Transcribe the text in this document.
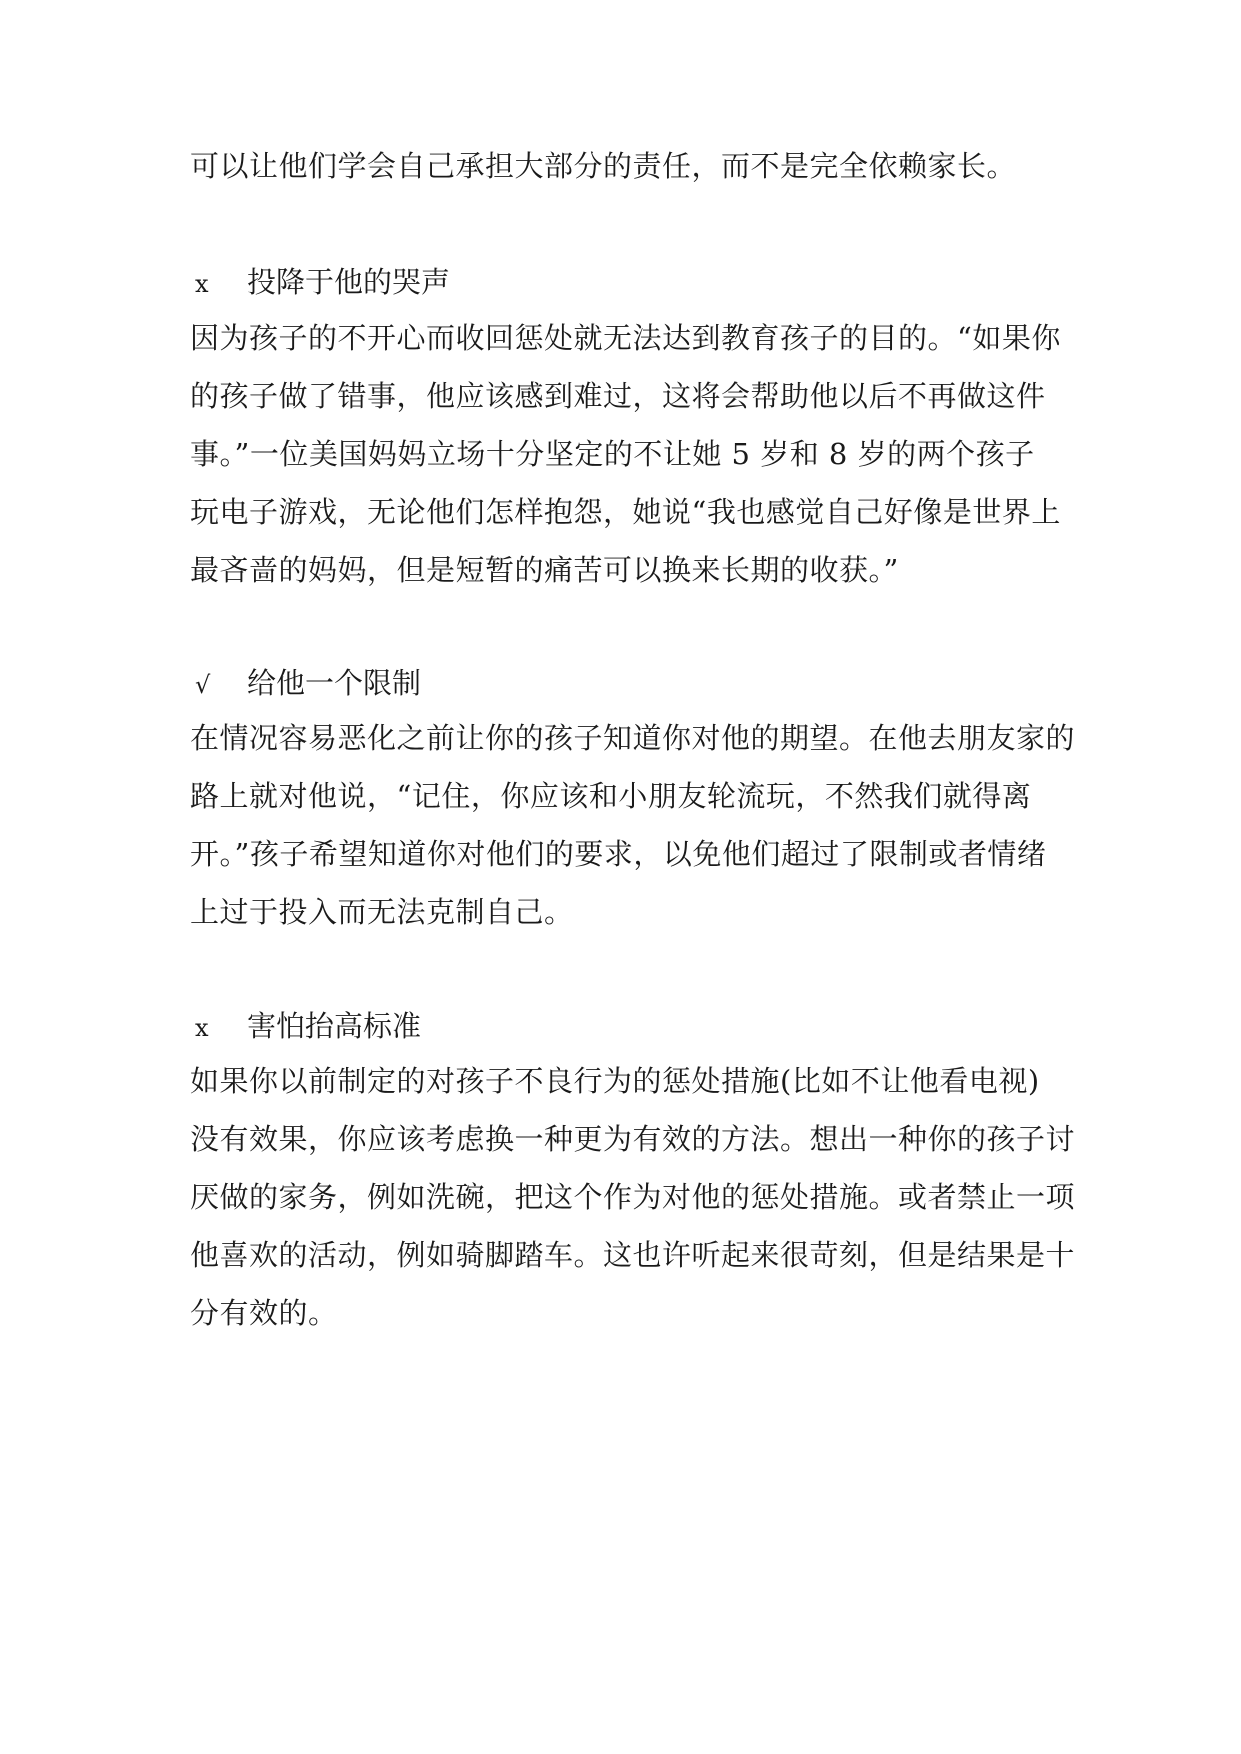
可以让他们学会自己承担大部分的责任，而不是完全依赖家长。
x 投降于他的哭声
因为孩子的不开心而收回惩处就无法达到教育孩子的目的。“如果你
的孩子做了错事，他应该感到难过，这将会帮助他以后不再做这件
事。”一位美国妈妈立场十分坚定的不让她 5 岁和 8 岁的两个孩子
玩电子游戏，无论他们怎样抱怨，她说“我也感觉自己好像是世界上
最吝啬的妈妈，但是短暂的痛苦可以换来长期的收获。”
√ 给他一个限制
在情况容易恶化之前让你的孩子知道你对他的期望。在他去朋友家的
路上就对他说，“记住，你应该和小朋友轮流玩，不然我们就得离
开。”孩子希望知道你对他们的要求，以免他们超过了限制或者情绪
上过于投入而无法克制自己。
x 害怕抬高标准
如果你以前制定的对孩子不良行为的惩处措施(比如不让他看电视)
没有效果，你应该考虑换一种更为有效的方法。想出一种你的孩子讨
厌做的家务，例如洗碗，把这个作为对他的惩处措施。或者禁止一项
他喜欢的活动，例如骑脚踏车。这也许听起来很苛刻，但是结果是十
分有效的。
